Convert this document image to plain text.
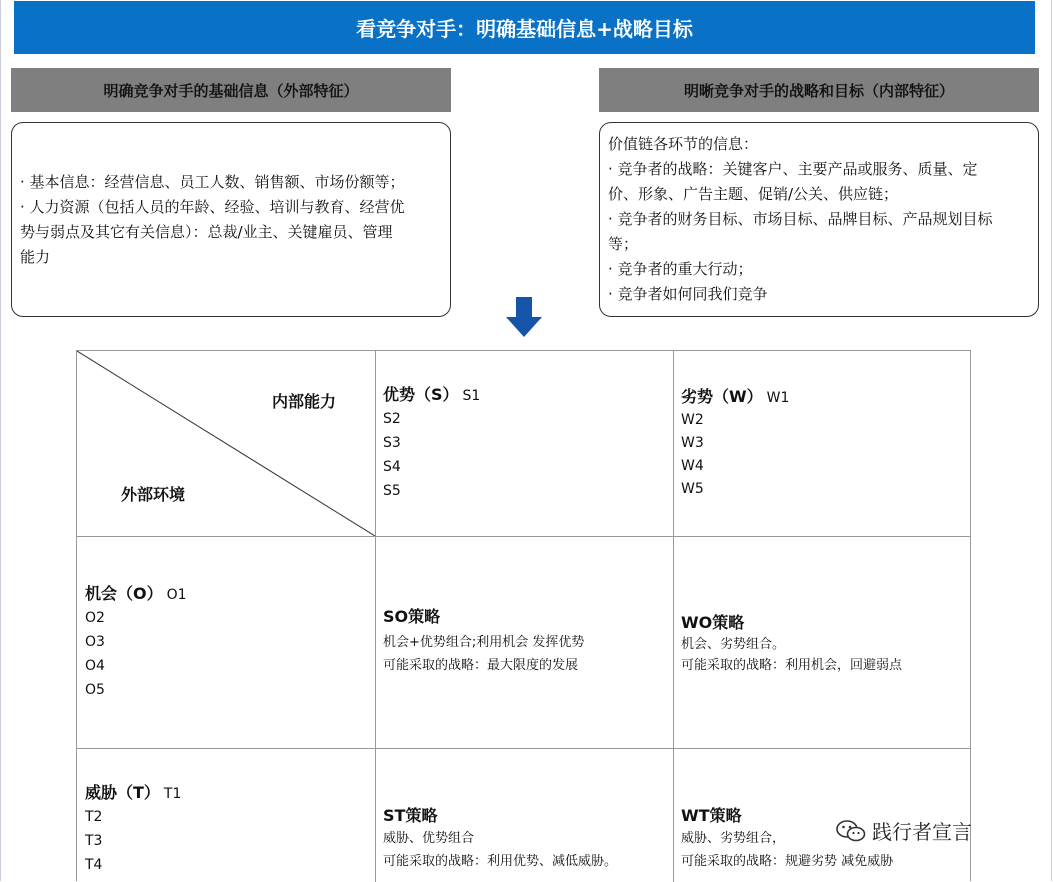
看竞争对手：明确基础信息+战略目标
明确竞争对手的基础信息（外部特征）	明晰竞争对手的战略和目标（内部特征）

· 基本信息：经营信息、员工人数、销售额、市场份额等；

· 人力资源（包括人员的年龄、经验、培训与教育、经营优

势与弱点及其它有关信息）：总裁/业主、关键雇员、管理

能力

价值链各环节的信息：

· 竞争者的战略：关键客户、主要产品或服务、质量、定

价、形象、广告主题、促销/公关、供应链；

· 竞争者的财务目标、市场目标、品牌目标、产品规划目标

等；

· 竞争者的重大行动；

· 竞争者如何同我们竞争

内部能力
外部环境
优势（S） S1
S2
S3
S4
S5
劣势（W） W1
W2
W3
W4
W5
机会（O） O1
O2
O3
O4
O5
SO策略
机会+优势组合;利用机会 发挥优势
可能采取的战略：最大限度的发展
WO策略
机会、劣势组合。
可能采取的战略：利用机会，回避弱点
威胁（T） T1
T2
T3
T4
ST策略
威胁、优势组合
可能采取的战略：利用优势、减低威胁。
WT策略
威胁、劣势组合，
可能采取的战略：规避劣势 减免威胁
践行者宣言
